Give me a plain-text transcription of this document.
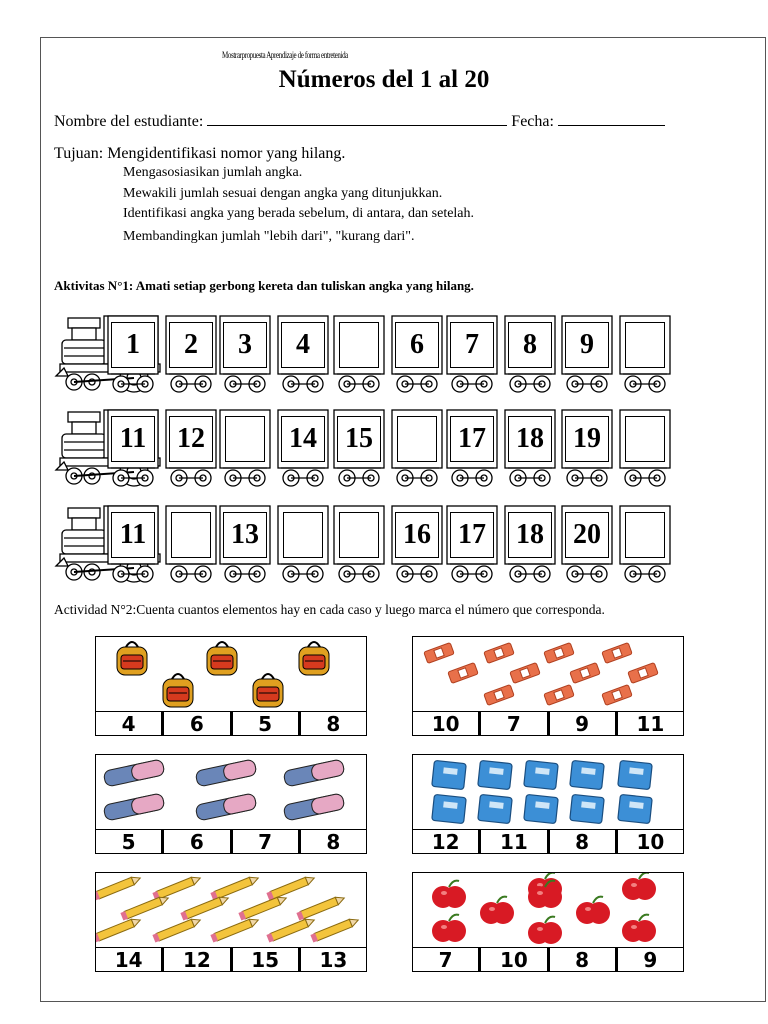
Mostrarpropuesta Aprendizaje de forma entretenida
Números del 1 al 20
Nombre del estudiante:	Fecha:
Tujuan: Mengidentifikasi nomor yang hilang.
Mengasosiasikan jumlah angka.
Mewakili jumlah sesuai dengan angka yang ditunjukkan.
Identifikasi angka yang berada sebelum, di antara, dan setelah.
Membandingkan jumlah "lebih dari", "kurang dari".
Aktivitas N°1: Amati setiap gerbong kereta dan tuliskan angka yang hilang.
1	2	3	4	6	7	8	9
11	12	14 15	17 18 19
11	13	16 17 18 20
Actividad N°2:Cuenta cuantos elementos hay en cada caso y luego marca el número que corresponda.
4	6	5	8	10	7	9	11
5	6	7	8	12	11	8	10
14	12	15	13	7	10	8	9
